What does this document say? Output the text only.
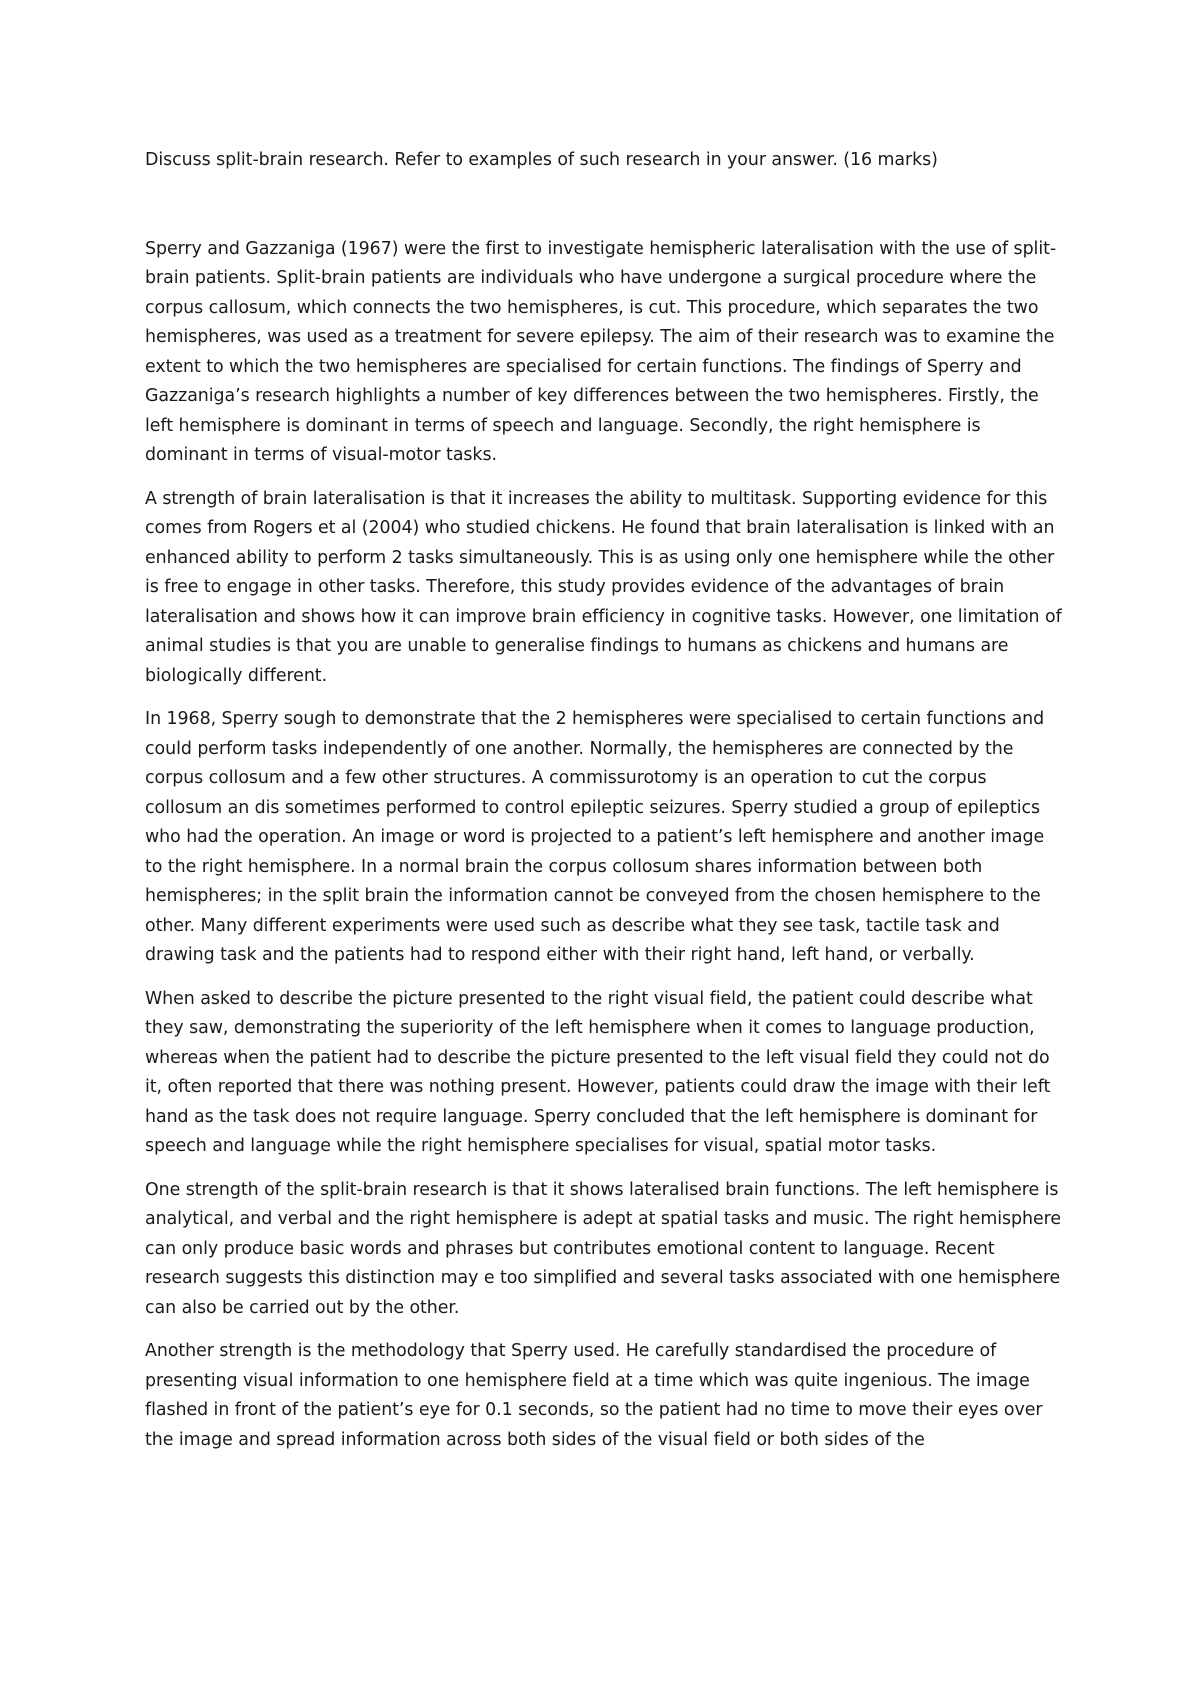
Discuss split-brain research. Refer to examples of such research in your answer. (16 marks)

Sperry and Gazzaniga (1967) were the first to investigate hemispheric lateralisation with the use of split-brain patients. Split-brain patients are individuals who have undergone a surgical procedure where the corpus callosum, which connects the two hemispheres, is cut. This procedure, which separates the two hemispheres, was used as a treatment for severe epilepsy. The aim of their research was to examine the extent to which the two hemispheres are specialised for certain functions. The findings of Sperry and Gazzaniga’s research highlights a number of key differences between the two hemispheres. Firstly, the left hemisphere is dominant in terms of speech and language. Secondly, the right hemisphere is dominant in terms of visual-motor tasks.

A strength of brain lateralisation is that it increases the ability to multitask. Supporting evidence for this comes from Rogers et al (2004) who studied chickens. He found that brain lateralisation is linked with an enhanced ability to perform 2 tasks simultaneously. This is as using only one hemisphere while the other is free to engage in other tasks. Therefore, this study provides evidence of the advantages of brain lateralisation and shows how it can improve brain efficiency in cognitive tasks. However, one limitation of animal studies is that you are unable to generalise findings to humans as chickens and humans are biologically different.

In 1968, Sperry sough to demonstrate that the 2 hemispheres were specialised to certain functions and could perform tasks independently of one another. Normally, the hemispheres are connected by the corpus collosum and a few other structures. A commissurotomy is an operation to cut the corpus collosum an dis sometimes performed to control epileptic seizures. Sperry studied a group of epileptics who had the operation. An image or word is projected to a patient’s left hemisphere and another image to the right hemisphere. In a normal brain the corpus collosum shares information between both hemispheres; in the split brain the information cannot be conveyed from the chosen hemisphere to the other. Many different experiments were used such as describe what they see task, tactile task and drawing task and the patients had to respond either with their right hand, left hand, or verbally.

When asked to describe the picture presented to the right visual field, the patient could describe what they saw, demonstrating the superiority of the left hemisphere when it comes to language production, whereas when the patient had to describe the picture presented to the left visual field they could not do it, often reported that there was nothing present. However, patients could draw the image with their left hand as the task does not require language. Sperry concluded that the left hemisphere is dominant for speech and language while the right hemisphere specialises for visual, spatial motor tasks.

One strength of the split-brain research is that it shows lateralised brain functions. The left hemisphere is analytical, and verbal and the right hemisphere is adept at spatial tasks and music. The right hemisphere can only produce basic words and phrases but contributes emotional content to language. Recent research suggests this distinction may e too simplified and several tasks associated with one hemisphere can also be carried out by the other.

Another strength is the methodology that Sperry used. He carefully standardised the procedure of presenting visual information to one hemisphere field at a time which was quite ingenious. The image flashed in front of the patient’s eye for 0.1 seconds, so the patient had no time to move their eyes over the image and spread information across both sides of the visual field or both sides of the
